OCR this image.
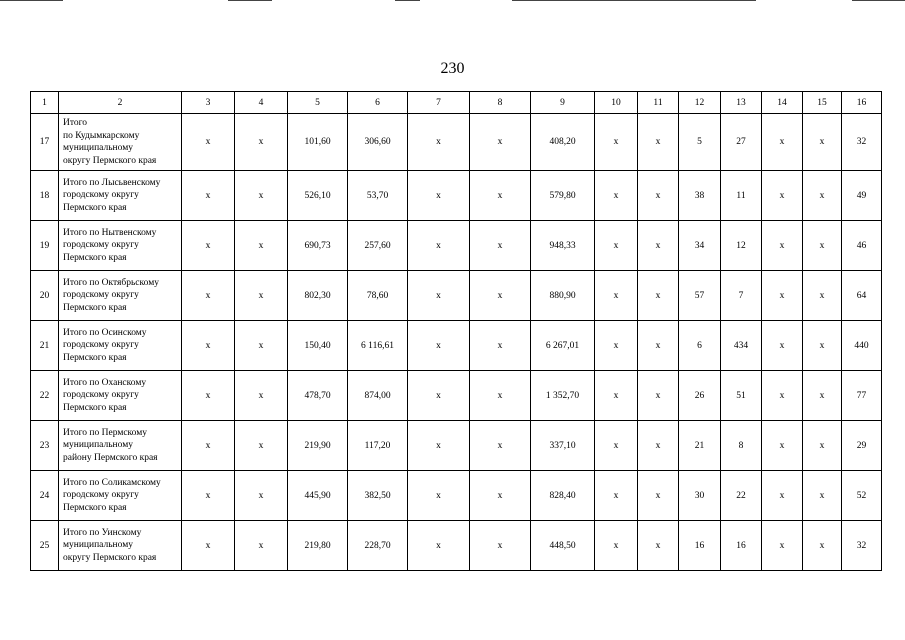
230
1	2	3	4	5	6	7	8	9	10	11	12	13	14	15	16
17	Итого
по Кудымкарскому
муниципальному
округу Пермского края	x	x	101,60	306,60	x	x	408,20	x	x	5	27	x	x	32
18	Итого по Лысьвенскому
городскому округу
Пермского края	x	x	526,10	53,70	x	x	579,80	x	x	38	11	x	x	49
19	Итого по Нытвенскому
городскому округу
Пермского края	x	x	690,73	257,60	x	x	948,33	x	x	34	12	x	x	46
20	Итого по Октябрьскому
городскому округу
Пермского края	x	x	802,30	78,60	x	x	880,90	x	x	57	7	x	x	64
21	Итого по Осинскому
городскому округу
Пермского края	x	x	150,40	6 116,61	x	x	6 267,01	x	x	6	434	x	x	440
22	Итого по Оханскому
городскому округу
Пермского края	x	x	478,70	874,00	x	x	1 352,70	x	x	26	51	x	x	77
23	Итого по Пермскому
муниципальному
району Пермского края	x	x	219,90	117,20	x	x	337,10	x	x	21	8	x	x	29
24	Итого по Соликамскому
городскому округу
Пермского края	x	x	445,90	382,50	x	x	828,40	x	x	30	22	x	x	52
25	Итого по Уинскому
муниципальному
округу Пермского края	x	x	219,80	228,70	x	x	448,50	x	x	16	16	x	x	32
